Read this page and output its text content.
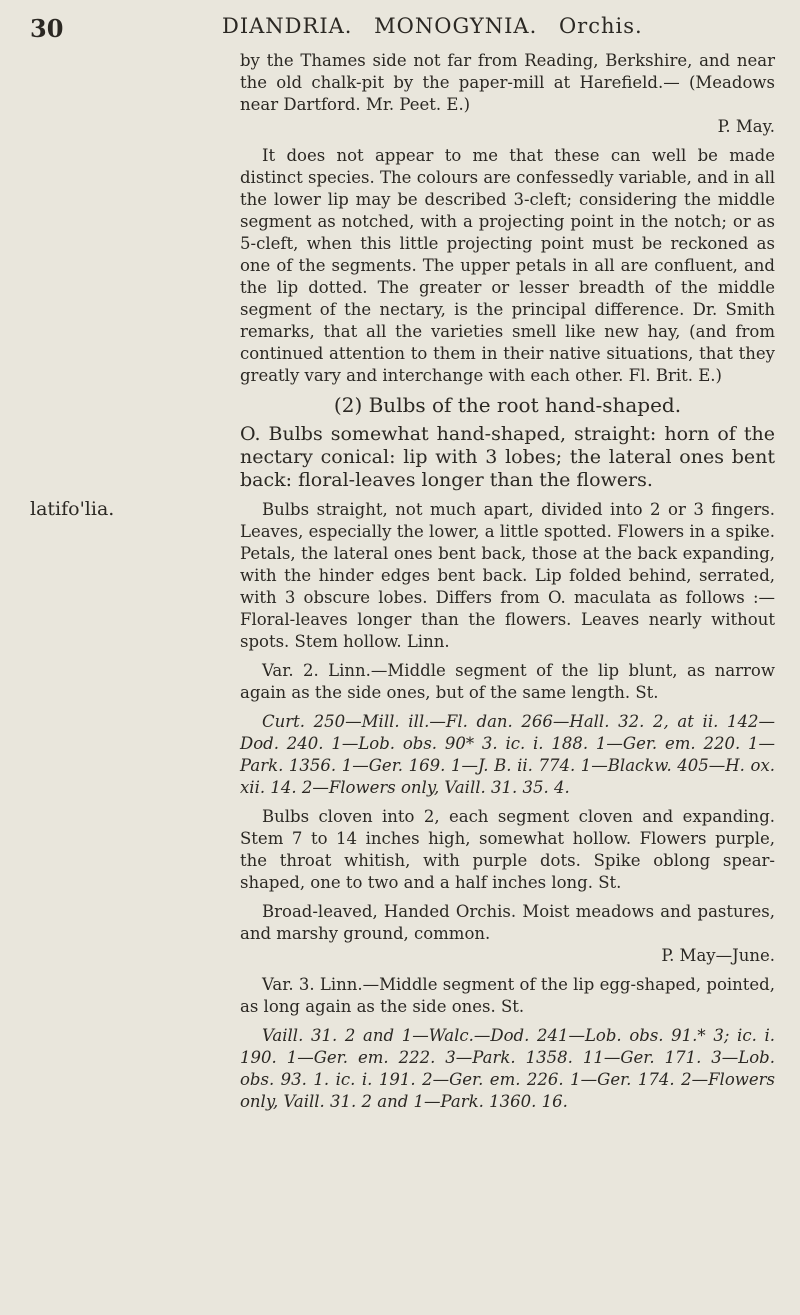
30	DIANDRIA. MONOGYNIA. Orchis.
latifo'lia.

by the Thames side not far from Reading, Berkshire, and near the old chalk-pit by the paper-mill at Harefield.— (Meadows near Dartford. Mr. Peet. E.)
P. May.

It does not appear to me that these can well be made distinct species. The colours are confessedly variable, and in all the lower lip may be described 3-cleft; considering the middle segment as notched, with a projecting point in the notch; or as 5-cleft, when this little projecting point must be reckoned as one of the segments. The upper petals in all are confluent, and the lip dotted. The greater or lesser breadth of the middle segment of the nectary, is the principal difference. Dr. Smith remarks, that all the varieties smell like new hay, (and from continued attention to them in their native situations, that they greatly vary and interchange with each other. Fl. Brit. E.)

(2) Bulbs of the root hand-shaped.

O. Bulbs somewhat hand-shaped, straight: horn of the nectary conical: lip with 3 lobes; the lateral ones bent back: floral-leaves longer than the flowers.

Bulbs straight, not much apart, divided into 2 or 3 fingers. Leaves, especially the lower, a little spotted. Flowers in a spike. Petals, the lateral ones bent back, those at the back expanding, with the hinder edges bent back. Lip folded behind, serrated, with 3 obscure lobes. Differs from O. maculata as follows :—Floral-leaves longer than the flowers. Leaves nearly without spots. Stem hollow. Linn.

Var. 2. Linn.—Middle segment of the lip blunt, as narrow again as the side ones, but of the same length. St.

Curt. 250—Mill. ill.—Fl. dan. 266—Hall. 32. 2, at ii. 142—Dod. 240. 1—Lob. obs. 90* 3. ic. i. 188. 1—Ger. em. 220. 1—Park. 1356. 1—Ger. 169. 1—J. B. ii. 774. 1—Blackw. 405—H. ox. xii. 14. 2—Flowers only, Vaill. 31. 35. 4.

Bulbs cloven into 2, each segment cloven and expanding. Stem 7 to 14 inches high, somewhat hollow. Flowers purple, the throat whitish, with purple dots. Spike oblong spear-shaped, one to two and a half inches long. St.

Broad-leaved, Handed Orchis. Moist meadows and pastures, and marshy ground, common.
P. May—June.

Var. 3. Linn.—Middle segment of the lip egg-shaped, pointed, as long again as the side ones. St.

Vaill. 31. 2 and 1—Walc.—Dod. 241—Lob. obs. 91.* 3; ic. i. 190. 1—Ger. em. 222. 3—Park. 1358. 11—Ger. 171. 3—Lob. obs. 93. 1. ic. i. 191. 2—Ger. em. 226. 1—Ger. 174. 2—Flowers only, Vaill. 31. 2 and 1—Park. 1360. 16.
